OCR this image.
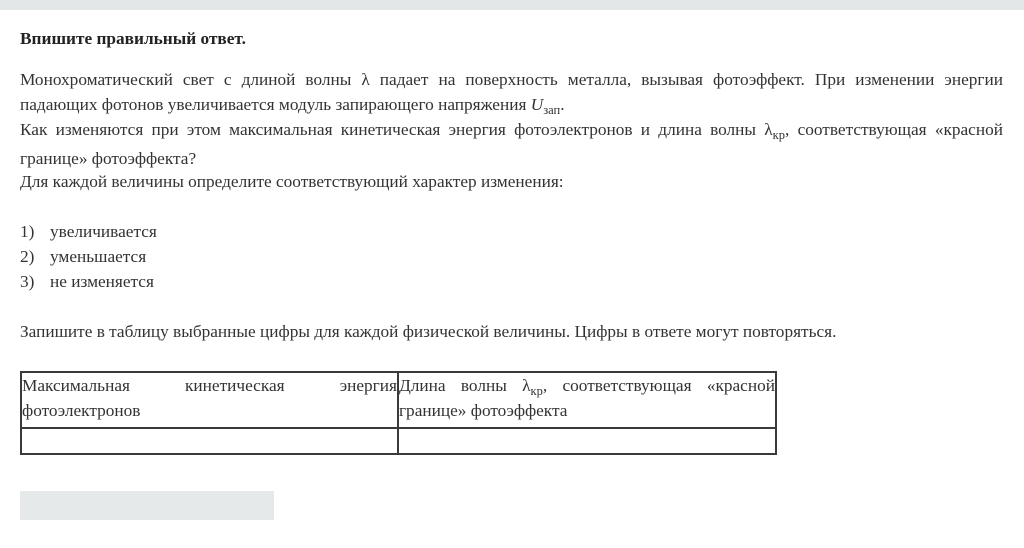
Впишите правильный ответ.

Монохроматический свет с длиной волны λ падает на поверхность металла, вызывая фотоэффект. При изменении энергии падающих фотонов увеличивается модуль запирающего напряжения $U_{зап}$.

Как изменяются при этом максимальная кинетическая энергия фотоэлектронов и длина волны $\lambda_{кр}$, соответствующая «красной границе» фотоэффекта?

Для каждой величины определите соответствующий характер изменения:

1) увеличивается
2) уменьшается
3) не изменяется

Запишите в таблицу выбранные цифры для каждой физической величины. Цифры в ответе могут повторяться.

Максимальная кинетическая энергия фотоэлектронов	Длина волны $\lambda_{кр}$, соответствующая «красной границе» фотоэффекта
